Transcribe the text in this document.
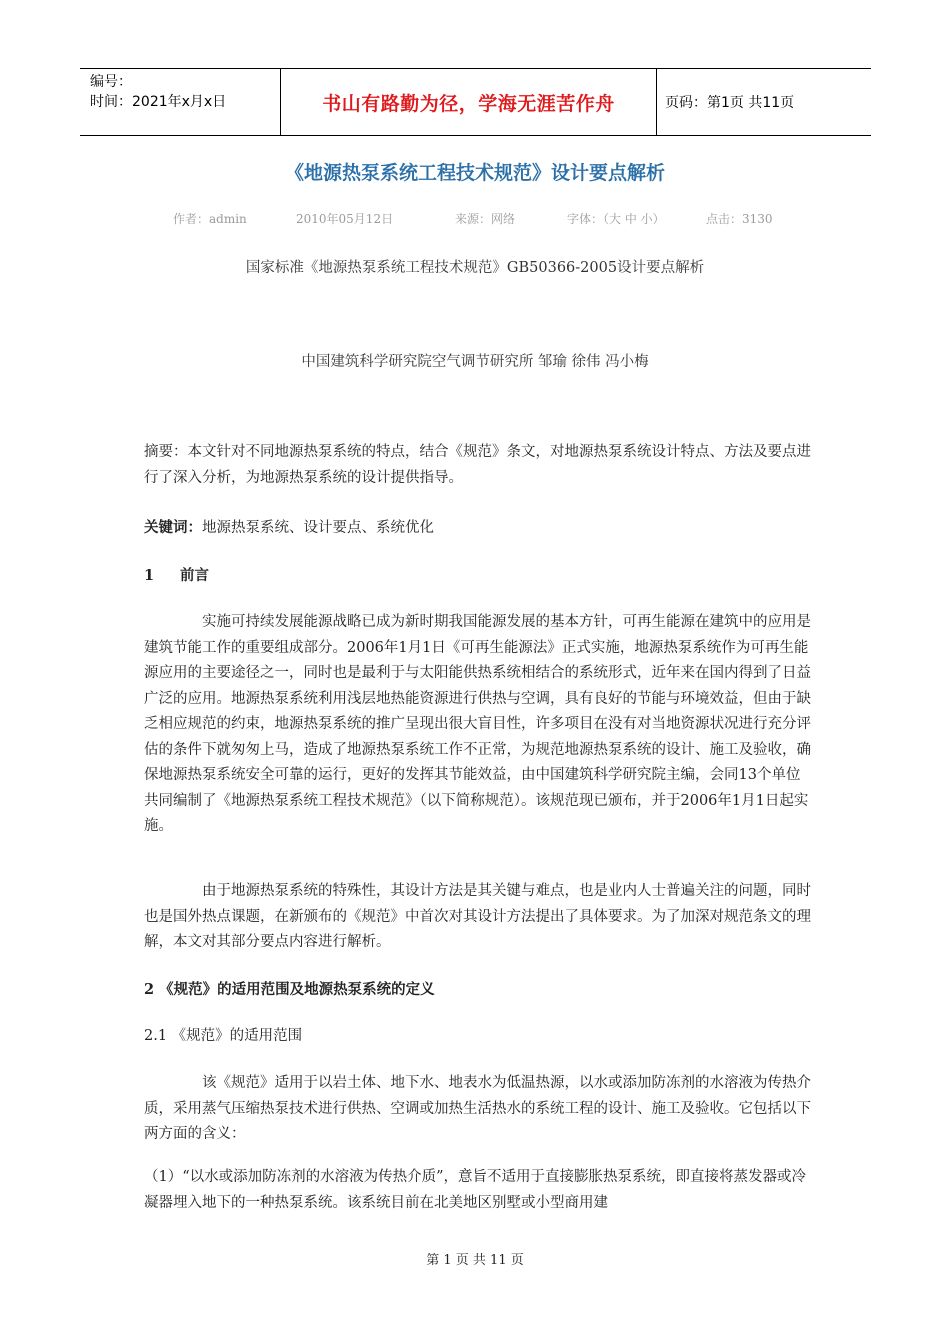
编号：
时间：2021年x月x日	书山有路勤为径，学海无涯苦作舟	页码：第1页 共11页
《地源热泵系统工程技术规范》设计要点解析
作者：admin	2010年05月12日	来源：网络	字体：（大 中 小）	点击：3130
国家标准《地源热泵系统工程技术规范》GB50366-2005设计要点解析
中国建筑科学研究院空气调节研究所 邹瑜 徐伟 冯小梅
摘要：本文针对不同地源热泵系统的特点，结合《规范》条文，对地源热泵系统设计特点、方法及要点进行了深入分析，为地源热泵系统的设计提供指导。
关键词：地源热泵系统、设计要点、系统优化
1 前言
实施可持续发展能源战略已成为新时期我国能源发展的基本方针，可再生能源在建筑中的应用是建筑节能工作的重要组成部分。2006年1月1日《可再生能源法》正式实施，地源热泵系统作为可再生能源应用的主要途径之一，同时也是最利于与太阳能供热系统相结合的系统形式，近年来在国内得到了日益广泛的应用。地源热泵系统利用浅层地热能资源进行供热与空调，具有良好的节能与环境效益，但由于缺乏相应规范的约束，地源热泵系统的推广呈现出很大盲目性，许多项目在没有对当地资源状况进行充分评估的条件下就匆匆上马，造成了地源热泵系统工作不正常，为规范地源热泵系统的设计、施工及验收，确保地源热泵系统安全可靠的运行，更好的发挥其节能效益，由中国建筑科学研究院主编，会同13个单位共同编制了《地源热泵系统工程技术规范》（以下简称规范）。该规范现已颁布，并于2006年1月1日起实施。
由于地源热泵系统的特殊性，其设计方法是其关键与难点，也是业内人士普遍关注的问题，同时也是国外热点课题，在新颁布的《规范》中首次对其设计方法提出了具体要求。为了加深对规范条文的理解，本文对其部分要点内容进行解析。
2 《规范》的适用范围及地源热泵系统的定义
2.1 《规范》的适用范围
该《规范》适用于以岩土体、地下水、地表水为低温热源，以水或添加防冻剂的水溶液为传热介质，采用蒸气压缩热泵技术进行供热、空调或加热生活热水的系统工程的设计、施工及验收。它包括以下两方面的含义：
（1）“以水或添加防冻剂的水溶液为传热介质”，意旨不适用于直接膨胀热泵系统，即直接将蒸发器或冷凝器埋入地下的一种热泵系统。该系统目前在北美地区别墅或小型商用建
第 1 页 共 11 页
